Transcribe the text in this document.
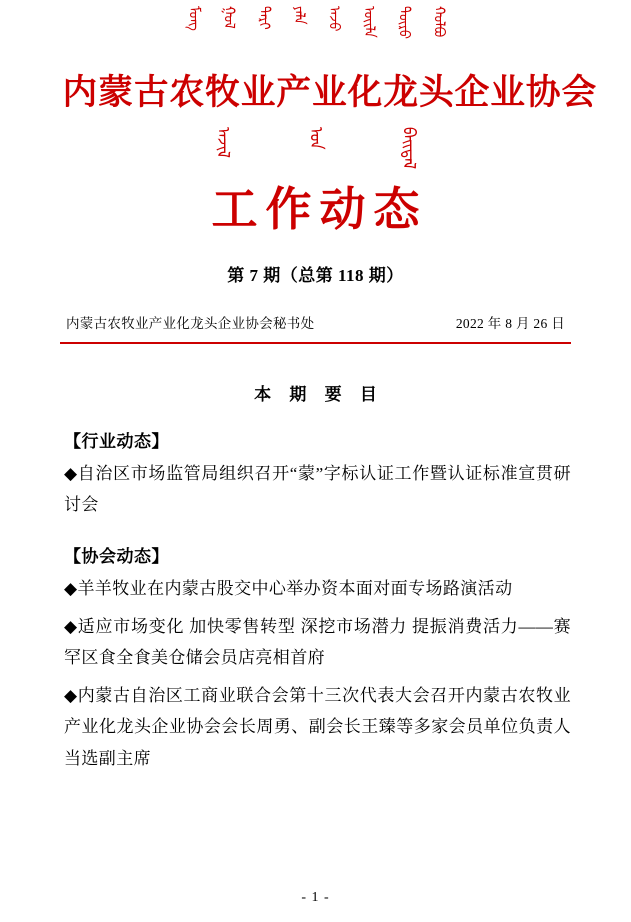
ᠮᠣᠩ ᠭᠤᠯ ᠲᠠᠷᠢ ᠶᠠᠯᠠ ᠠᠵᠤ ᠦᠢᠯᠡ ᠳᠦᠷᠦ ᠬᠣᠯᠪᠣ
内蒙古农牧业产业化龙头企业协会
ᠠᠵᠢᠯ	ᠤᠨ	ᠪᠠᠢᠳᠠᠯ
工作动态
第 7 期（总第 118 期）
内蒙古农牧业产业化龙头企业协会秘书处	2022 年 8 月 26 日
本 期 要 目
【行业动态】
◆自治区市场监管局组织召开“蒙”字标认证工作暨认证标准宣贯研讨会
【协会动态】
◆羊羊牧业在内蒙古股交中心举办资本面对面专场路演活动
◆适应市场变化 加快零售转型 深挖市场潜力 提振消费活力——赛罕区食全食美仓储会员店亮相首府
◆内蒙古自治区工商业联合会第十三次代表大会召开内蒙古农牧业产业化龙头企业协会会长周勇、副会长王臻等多家会员单位负责人当选副主席
- 1 -
